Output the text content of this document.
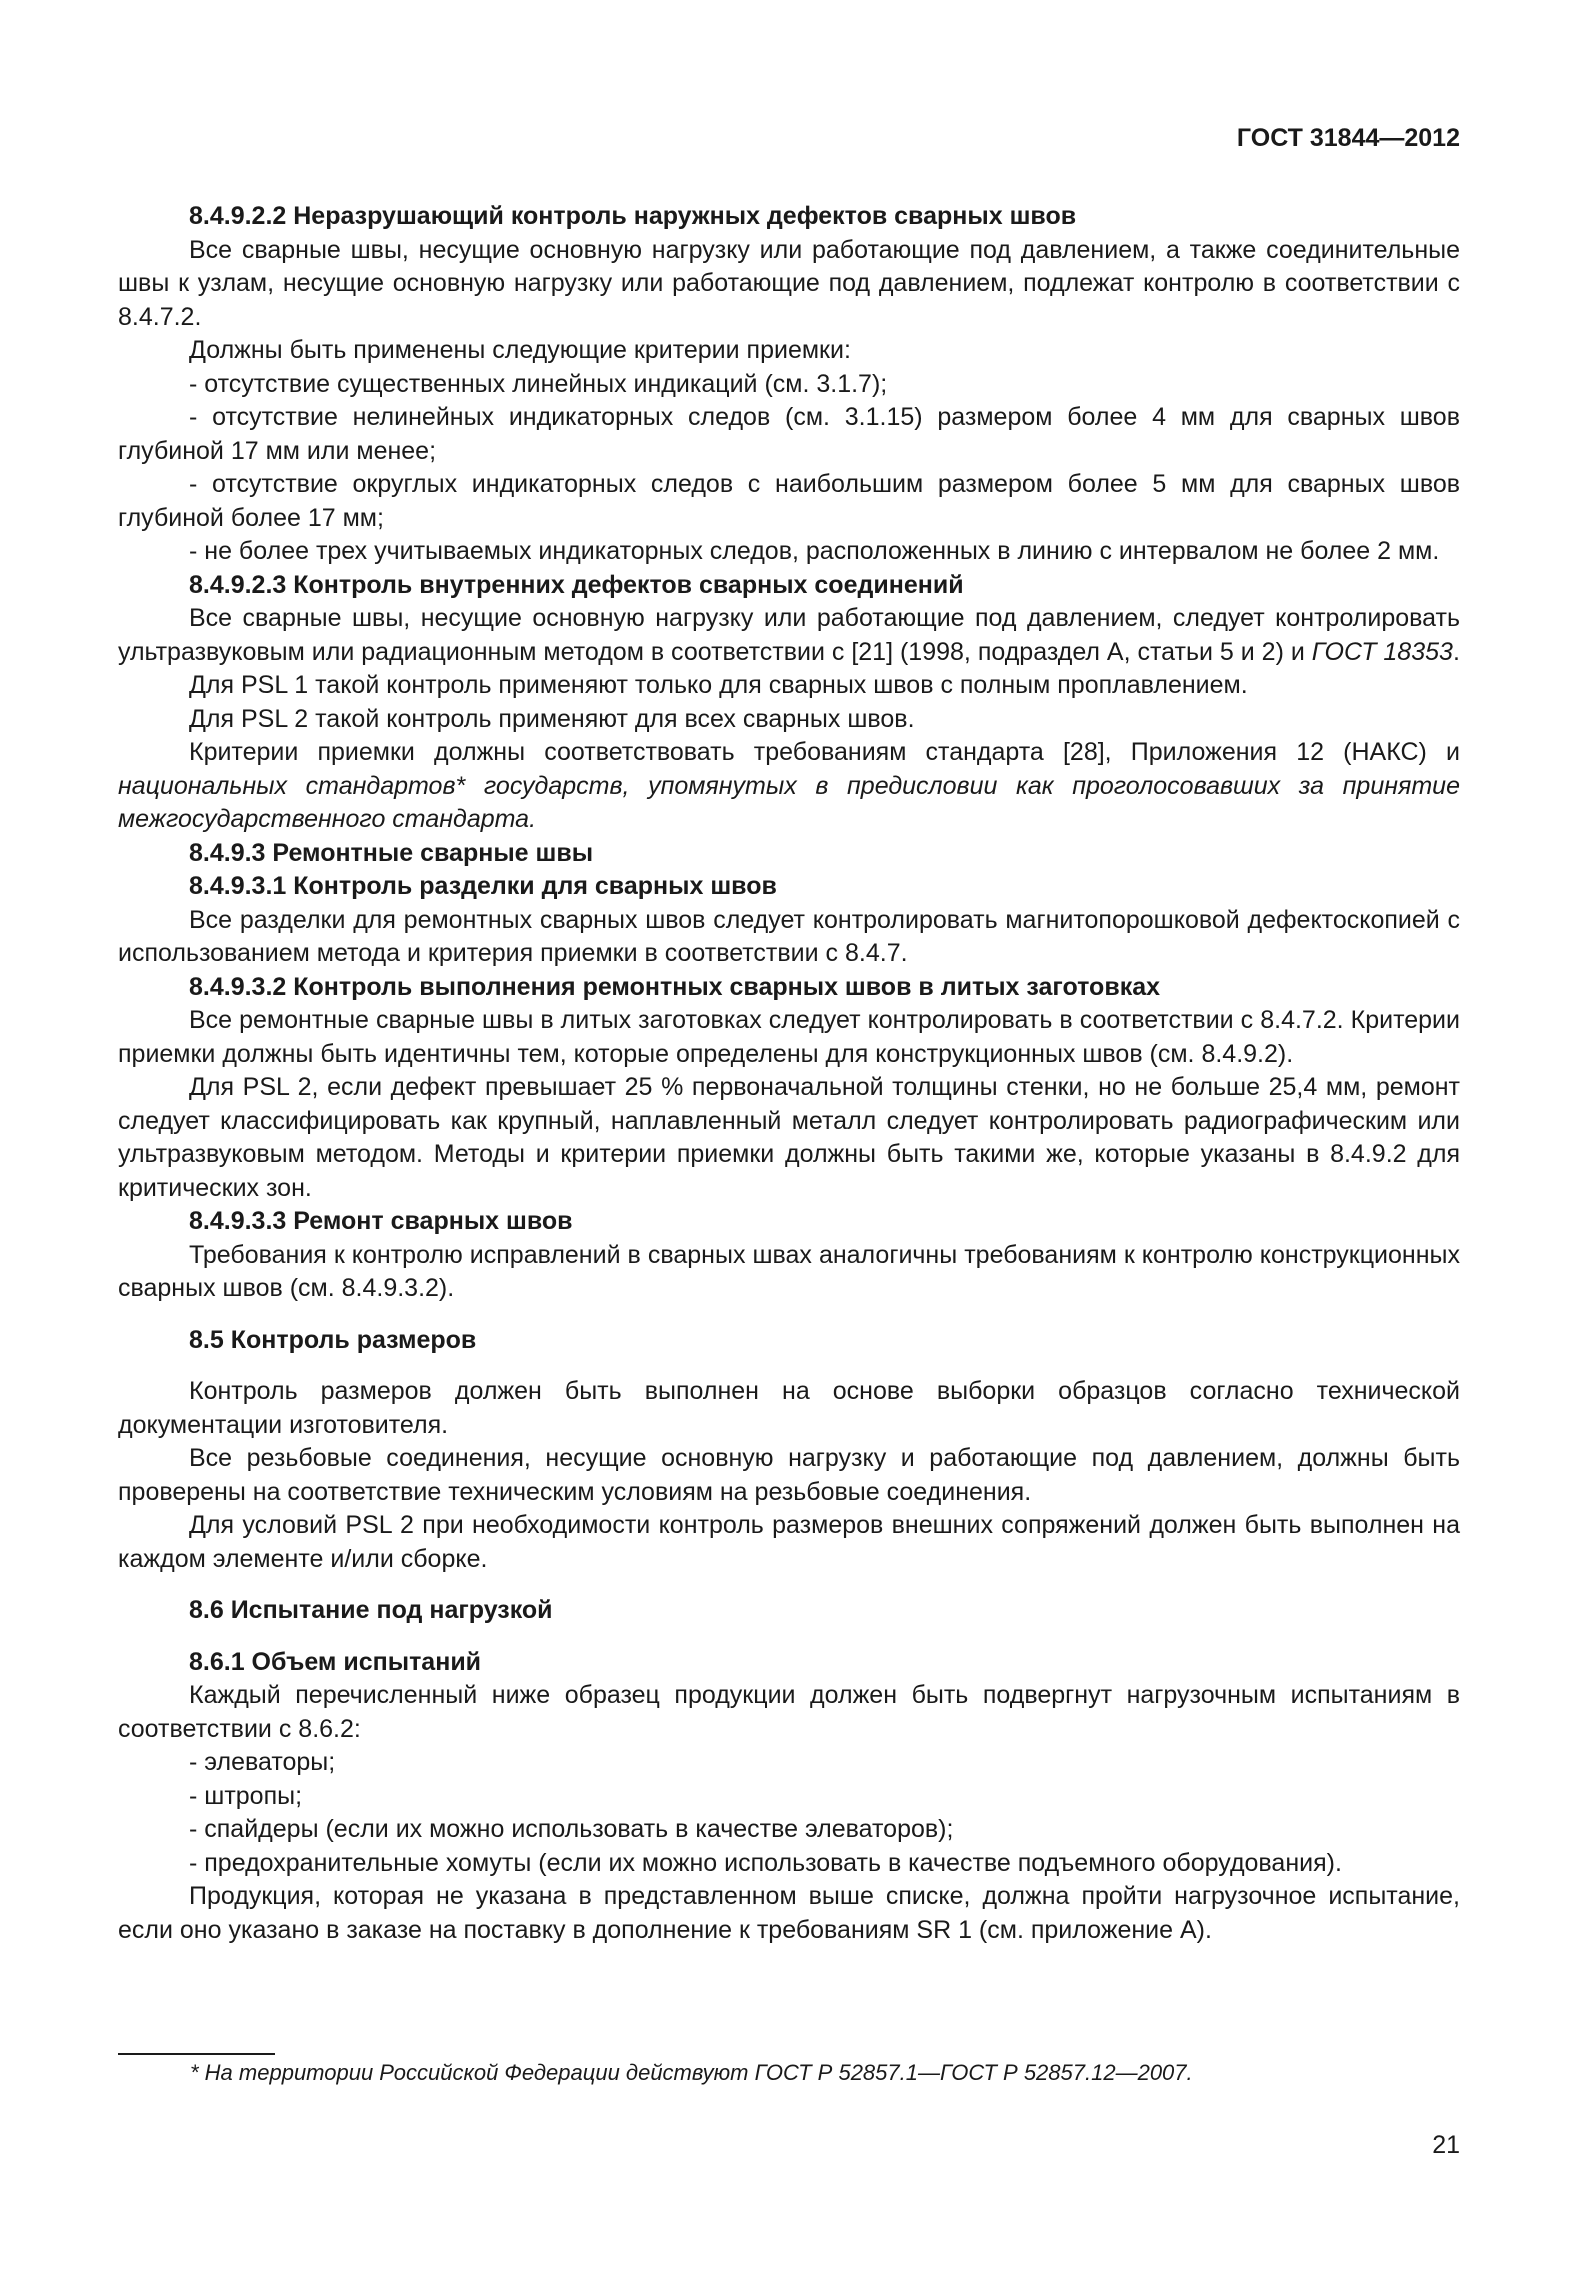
ГОСТ 31844—2012
8.4.9.2.2 Неразрушающий контроль наружных дефектов сварных швов

Все сварные швы, несущие основную нагрузку или работающие под давлением, а также соединительные швы к узлам, несущие основную нагрузку или работающие под давлением, подлежат контролю в соответствии с 8.4.7.2.

Должны быть применены следующие критерии приемки:

- отсутствие существенных линейных индикаций (см. 3.1.7);

- отсутствие нелинейных индикаторных следов (см. 3.1.15) размером более 4 мм для сварных швов глубиной 17 мм или менее;

- отсутствие округлых индикаторных следов с наибольшим размером более 5 мм для сварных швов глубиной более 17 мм;

- не более трех учитываемых индикаторных следов, расположенных в линию с интервалом не более 2 мм.

8.4.9.2.3 Контроль внутренних дефектов сварных соединений

Все сварные швы, несущие основную нагрузку или работающие под давлением, следует контролировать ультразвуковым или радиационным методом в соответствии с [21] (1998, подраздел А, статьи 5 и 2) и ГОСТ 18353.

Для PSL 1 такой контроль применяют только для сварных швов с полным проплавлением.

Для PSL 2 такой контроль применяют для всех сварных швов.

Критерии приемки должны соответствовать требованиям стандарта [28], Приложения 12 (НАКС) и национальных стандартов* государств, упомянутых в предисловии как проголосовавших за принятие межгосударственного стандарта.

8.4.9.3 Ремонтные сварные швы
8.4.9.3.1 Контроль разделки для сварных швов

Все разделки для ремонтных сварных швов следует контролировать магнитопорошковой дефектоскопией с использованием метода и критерия приемки в соответствии с 8.4.7.

8.4.9.3.2 Контроль выполнения ремонтных сварных швов в литых заготовках

Все ремонтные сварные швы в литых заготовках следует контролировать в соответствии с 8.4.7.2. Критерии приемки должны быть идентичны тем, которые определены для конструкционных швов (см. 8.4.9.2).

Для PSL 2, если дефект превышает 25 % первоначальной толщины стенки, но не больше 25,4 мм, ремонт следует классифицировать как крупный, наплавленный металл следует контролировать радиографическим или ультразвуковым методом. Методы и критерии приемки должны быть такими же, которые указаны в 8.4.9.2 для критических зон.

8.4.9.3.3 Ремонт сварных швов

Требования к контролю исправлений в сварных швах аналогичны требованиям к контролю конструкционных сварных швов (см. 8.4.9.3.2).

8.5 Контроль размеров

Контроль размеров должен быть выполнен на основе выборки образцов согласно технической документации изготовителя.

Все резьбовые соединения, несущие основную нагрузку и работающие под давлением, должны быть проверены на соответствие техническим условиям на резьбовые соединения.

Для условий PSL 2 при необходимости контроль размеров внешних сопряжений должен быть выполнен на каждом элементе и/или сборке.

8.6 Испытание под нагрузкой
8.6.1 Объем испытаний

Каждый перечисленный ниже образец продукции должен быть подвергнут нагрузочным испытаниям в соответствии с 8.6.2:

- элеваторы;

- штропы;

- спайдеры (если их можно использовать в качестве элеваторов);

- предохранительные хомуты (если их можно использовать в качестве подъемного оборудования).

Продукция, которая не указана в представленном выше списке, должна пройти нагрузочное испытание, если оно указано в заказе на поставку в дополнение к требованиям SR 1 (см. приложение А).

* На территории Российской Федерации действуют ГОСТ Р 52857.1—ГОСТ Р 52857.12—2007.
21
